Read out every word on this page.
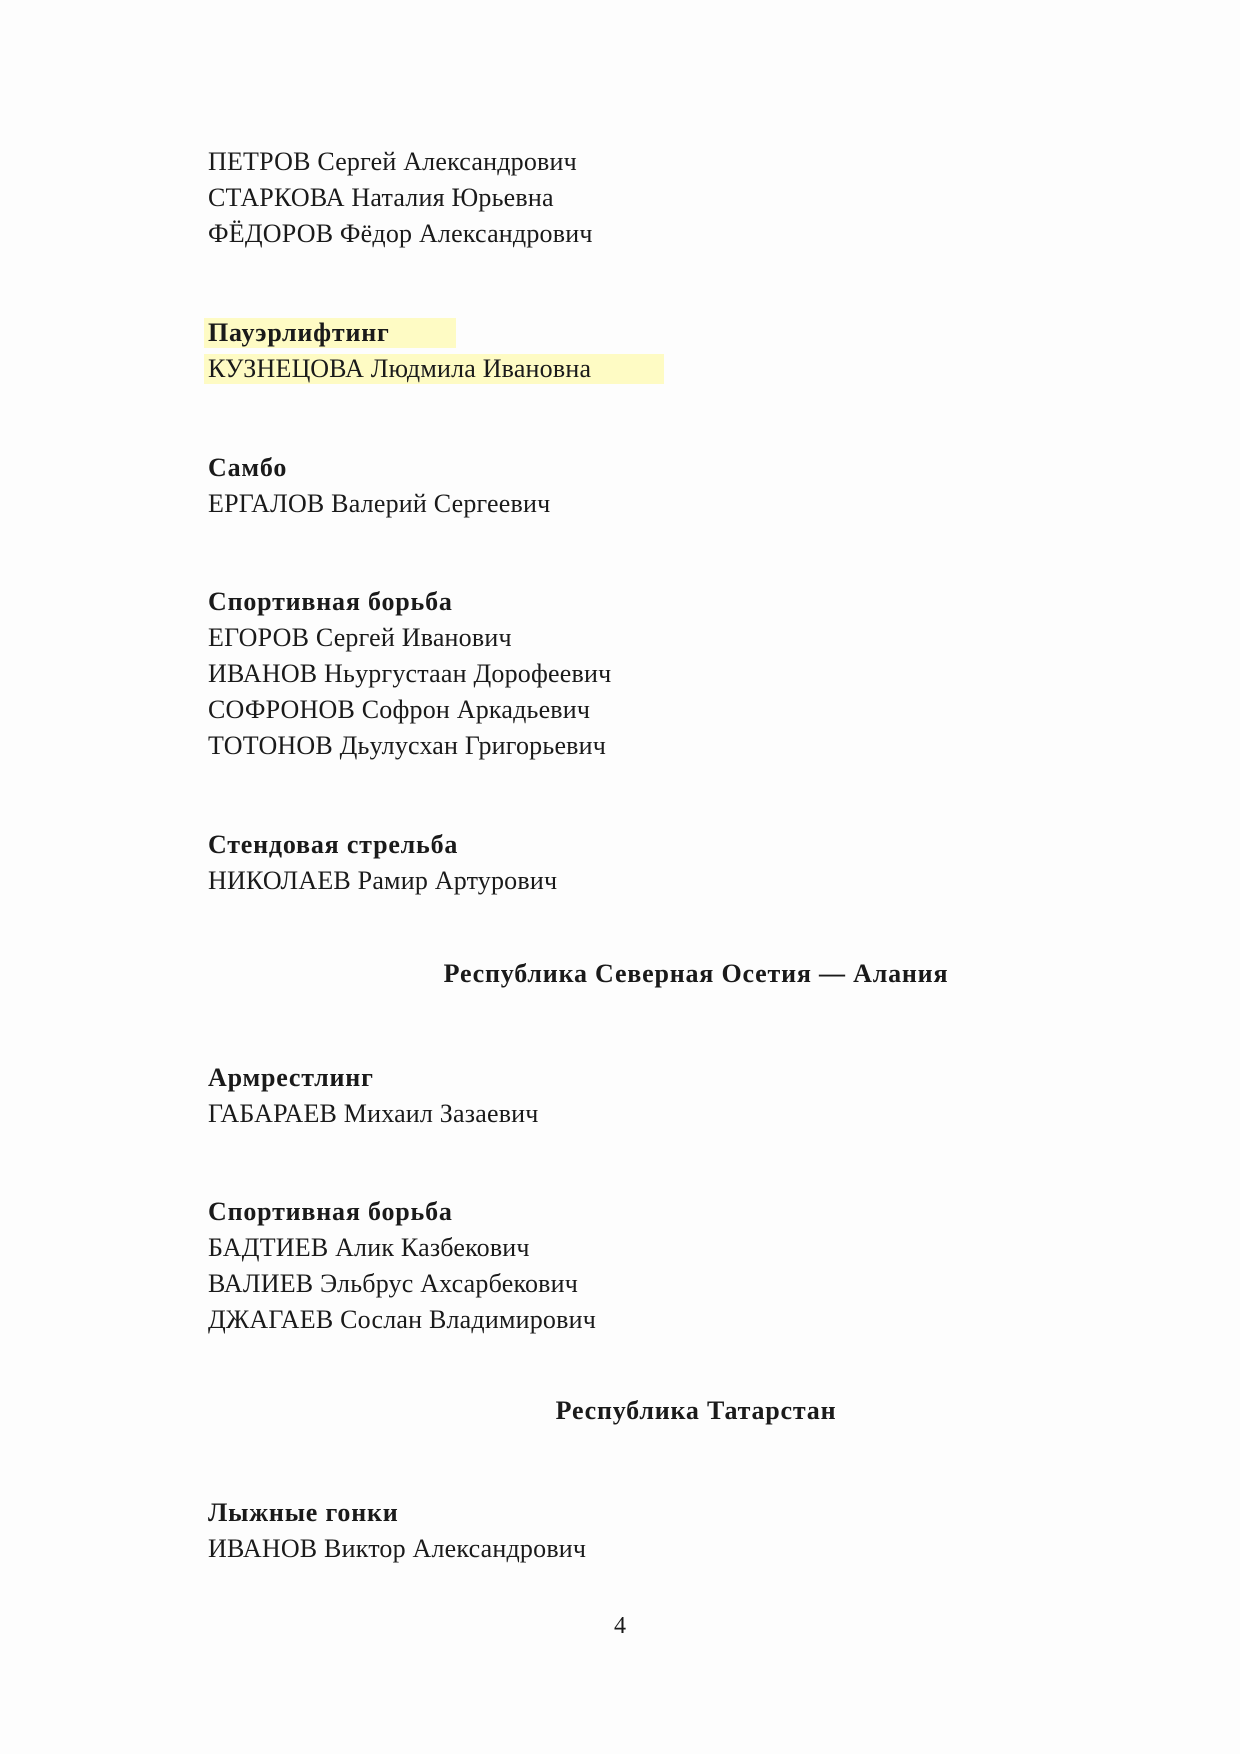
ПЕТРОВ Сергей Александрович
СТАРКОВА Наталия Юрьевна
ФЁДОРОВ Фёдор Александрович
Пауэрлифтинг
КУЗНЕЦОВА Людмила Ивановна
Самбо
ЕРГАЛОВ Валерий Сергеевич
Спортивная борьба
ЕГОРОВ Сергей Иванович
ИВАНОВ Ньургустаан Дорофеевич
СОФРОНОВ Софрон Аркадьевич
ТОТОНОВ Дьулусхан Григорьевич
Стендовая стрельба
НИКОЛАЕВ Рамир Артурович
Республика Северная Осетия — Алания
Армрестлинг
ГАБАРАЕВ Михаил Зазаевич
Спортивная борьба
БАДТИЕВ Алик Казбекович
ВАЛИЕВ Эльбрус Ахсарбекович
ДЖАГАЕВ Сослан Владимирович
Республика Татарстан
Лыжные гонки
ИВАНОВ Виктор Александрович
4
